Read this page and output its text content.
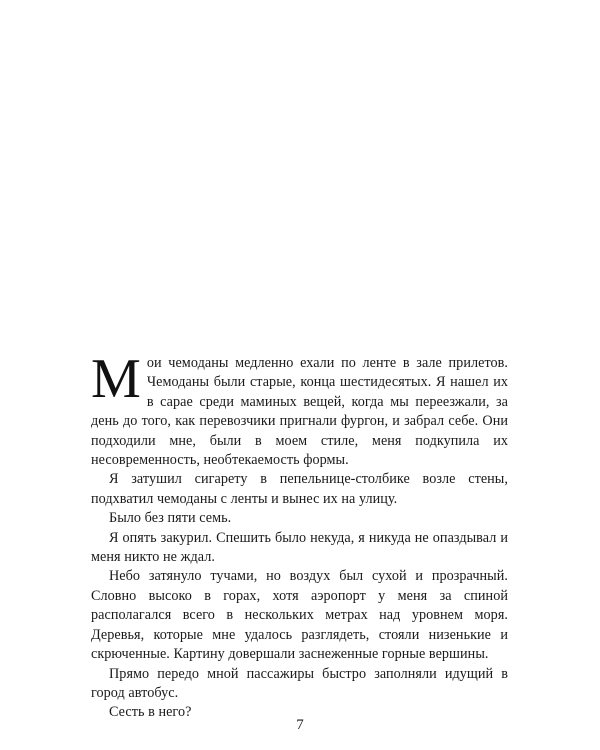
Мои чемоданы медленно ехали по ленте в зале прилетов. Чемоданы были старые, конца шестидесятых. Я нашел их в сарае среди маминых вещей, когда мы переезжали, за день до того, как перевозчики пригнали фургон, и забрал себе. Они подходили мне, были в моем стиле, меня подкупила их несовременность, необтекаемость формы.

Я затушил сигарету в пепельнице-столбике возле стены, подхватил чемоданы с ленты и вынес их на улицу.

Было без пяти семь.

Я опять закурил. Спешить было некуда, я никуда не опаздывал и меня никто не ждал.

Небо затянуло тучами, но воздух был сухой и прозрачный. Словно высоко в горах, хотя аэропорт у меня за спиной располагался всего в нескольких метрах над уровнем моря. Деревья, которые мне удалось разглядеть, стояли низенькие и скрюченные. Картину довершали заснеженные горные вершины.

Прямо передо мной пассажиры быстро заполняли идущий в город автобус.

Сесть в него?

7
